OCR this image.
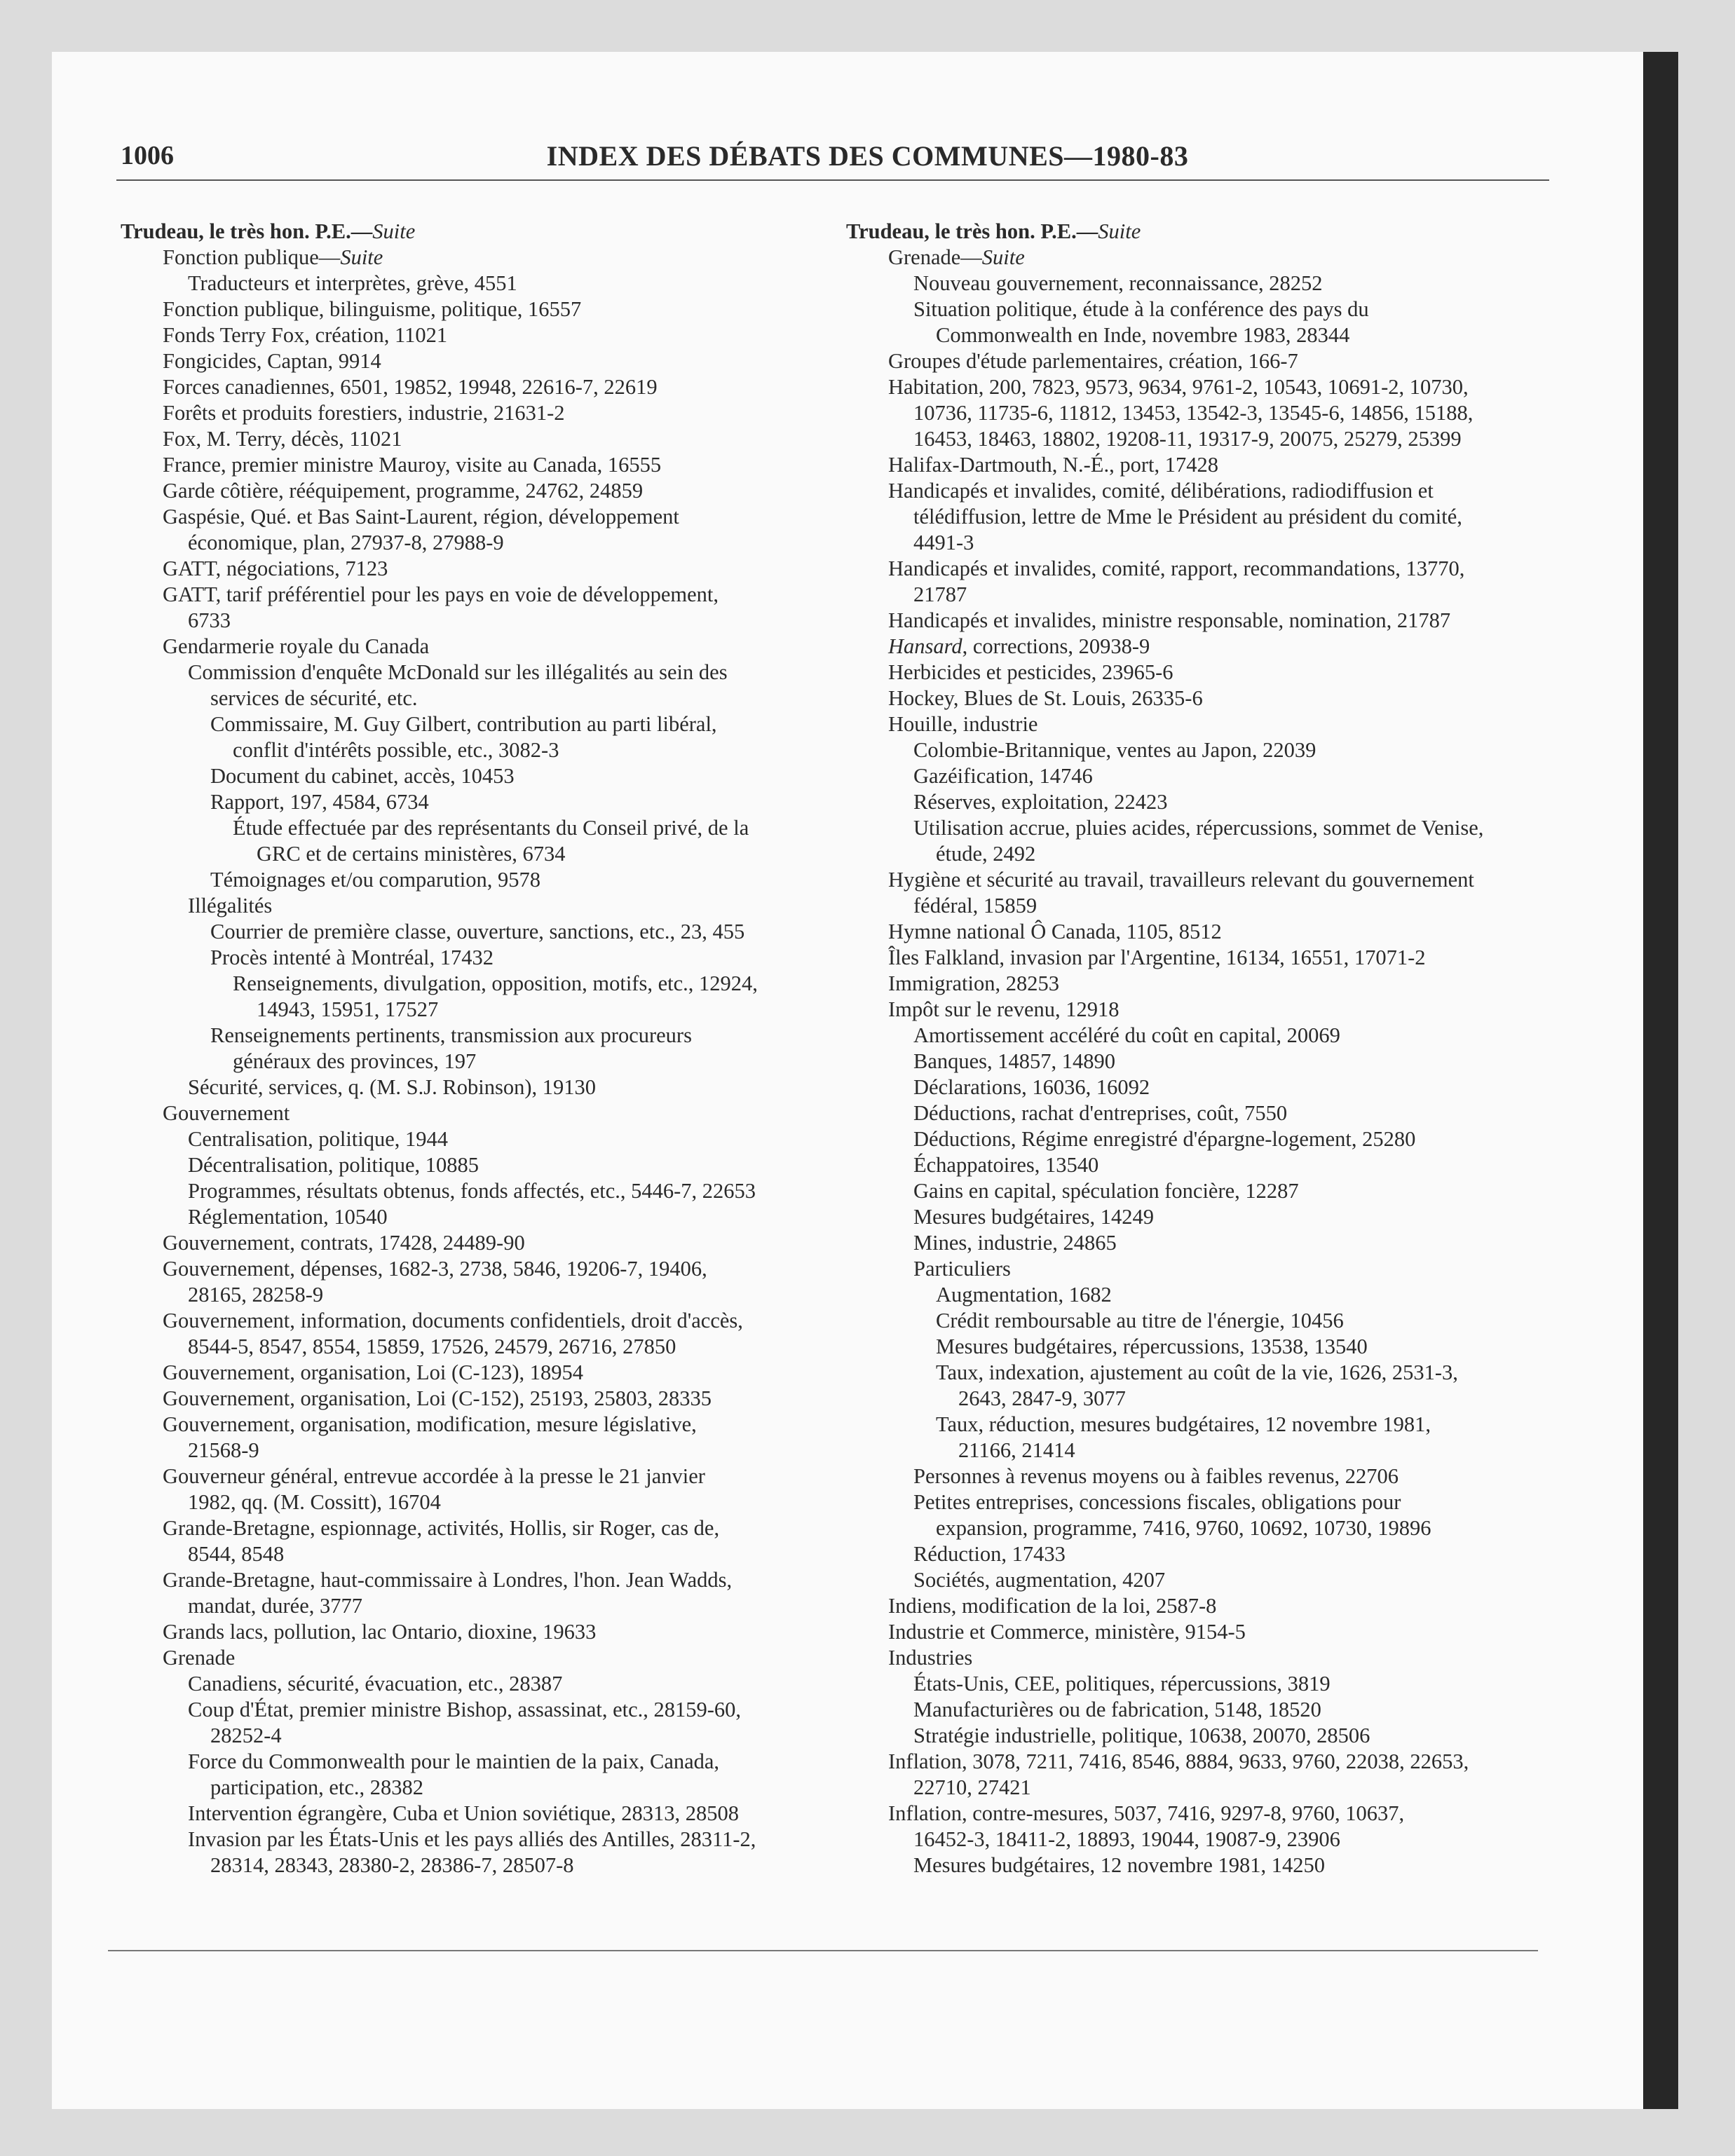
1006	INDEX DES DÉBATS DES COMMUNES—1980-83
Trudeau, le très hon. P.E.—Suite
Fonction publique—Suite
Traducteurs et interprètes, grève, 4551
Fonction publique, bilinguisme, politique, 16557
Fonds Terry Fox, création, 11021
Fongicides, Captan, 9914
Forces canadiennes, 6501, 19852, 19948, 22616-7, 22619
Forêts et produits forestiers, industrie, 21631-2
Fox, M. Terry, décès, 11021
France, premier ministre Mauroy, visite au Canada, 16555
Garde côtière, rééquipement, programme, 24762, 24859
Gaspésie, Qué. et Bas Saint-Laurent, région, développement
économique, plan, 27937-8, 27988-9
GATT, négociations, 7123
GATT, tarif préférentiel pour les pays en voie de développement,
6733
Gendarmerie royale du Canada
Commission d'enquête McDonald sur les illégalités au sein des
services de sécurité, etc.
Commissaire, M. Guy Gilbert, contribution au parti libéral,
conflit d'intérêts possible, etc., 3082-3
Document du cabinet, accès, 10453
Rapport, 197, 4584, 6734
Étude effectuée par des représentants du Conseil privé, de la
GRC et de certains ministères, 6734
Témoignages et/ou comparution, 9578
Illégalités
Courrier de première classe, ouverture, sanctions, etc., 23, 455
Procès intenté à Montréal, 17432
Renseignements, divulgation, opposition, motifs, etc., 12924,
14943, 15951, 17527
Renseignements pertinents, transmission aux procureurs
généraux des provinces, 197
Sécurité, services, q. (M. S.J. Robinson), 19130
Gouvernement
Centralisation, politique, 1944
Décentralisation, politique, 10885
Programmes, résultats obtenus, fonds affectés, etc., 5446-7, 22653
Réglementation, 10540
Gouvernement, contrats, 17428, 24489-90
Gouvernement, dépenses, 1682-3, 2738, 5846, 19206-7, 19406,
28165, 28258-9
Gouvernement, information, documents confidentiels, droit d'accès,
8544-5, 8547, 8554, 15859, 17526, 24579, 26716, 27850
Gouvernement, organisation, Loi (C-123), 18954
Gouvernement, organisation, Loi (C-152), 25193, 25803, 28335
Gouvernement, organisation, modification, mesure législative,
21568-9
Gouverneur général, entrevue accordée à la presse le 21 janvier
1982, qq. (M. Cossitt), 16704
Grande-Bretagne, espionnage, activités, Hollis, sir Roger, cas de,
8544, 8548
Grande-Bretagne, haut-commissaire à Londres, l'hon. Jean Wadds,
mandat, durée, 3777
Grands lacs, pollution, lac Ontario, dioxine, 19633
Grenade
Canadiens, sécurité, évacuation, etc., 28387
Coup d'État, premier ministre Bishop, assassinat, etc., 28159-60,
28252-4
Force du Commonwealth pour le maintien de la paix, Canada,
participation, etc., 28382
Intervention égrangère, Cuba et Union soviétique, 28313, 28508
Invasion par les États-Unis et les pays alliés des Antilles, 28311-2,
28314, 28343, 28380-2, 28386-7, 28507-8
Trudeau, le très hon. P.E.—Suite
Grenade—Suite
Nouveau gouvernement, reconnaissance, 28252
Situation politique, étude à la conférence des pays du
Commonwealth en Inde, novembre 1983, 28344
Groupes d'étude parlementaires, création, 166-7
Habitation, 200, 7823, 9573, 9634, 9761-2, 10543, 10691-2, 10730,
10736, 11735-6, 11812, 13453, 13542-3, 13545-6, 14856, 15188,
16453, 18463, 18802, 19208-11, 19317-9, 20075, 25279, 25399
Halifax-Dartmouth, N.-É., port, 17428
Handicapés et invalides, comité, délibérations, radiodiffusion et
télédiffusion, lettre de Mme le Président au président du comité,
4491-3
Handicapés et invalides, comité, rapport, recommandations, 13770,
21787
Handicapés et invalides, ministre responsable, nomination, 21787
Hansard, corrections, 20938-9
Herbicides et pesticides, 23965-6
Hockey, Blues de St. Louis, 26335-6
Houille, industrie
Colombie-Britannique, ventes au Japon, 22039
Gazéification, 14746
Réserves, exploitation, 22423
Utilisation accrue, pluies acides, répercussions, sommet de Venise,
étude, 2492
Hygiène et sécurité au travail, travailleurs relevant du gouvernement
fédéral, 15859
Hymne national Ô Canada, 1105, 8512
Îles Falkland, invasion par l'Argentine, 16134, 16551, 17071-2
Immigration, 28253
Impôt sur le revenu, 12918
Amortissement accéléré du coût en capital, 20069
Banques, 14857, 14890
Déclarations, 16036, 16092
Déductions, rachat d'entreprises, coût, 7550
Déductions, Régime enregistré d'épargne-logement, 25280
Échappatoires, 13540
Gains en capital, spéculation foncière, 12287
Mesures budgétaires, 14249
Mines, industrie, 24865
Particuliers
Augmentation, 1682
Crédit remboursable au titre de l'énergie, 10456
Mesures budgétaires, répercussions, 13538, 13540
Taux, indexation, ajustement au coût de la vie, 1626, 2531-3,
2643, 2847-9, 3077
Taux, réduction, mesures budgétaires, 12 novembre 1981,
21166, 21414
Personnes à revenus moyens ou à faibles revenus, 22706
Petites entreprises, concessions fiscales, obligations pour
expansion, programme, 7416, 9760, 10692, 10730, 19896
Réduction, 17433
Sociétés, augmentation, 4207
Indiens, modification de la loi, 2587-8
Industrie et Commerce, ministère, 9154-5
Industries
États-Unis, CEE, politiques, répercussions, 3819
Manufacturières ou de fabrication, 5148, 18520
Stratégie industrielle, politique, 10638, 20070, 28506
Inflation, 3078, 7211, 7416, 8546, 8884, 9633, 9760, 22038, 22653,
22710, 27421
Inflation, contre-mesures, 5037, 7416, 9297-8, 9760, 10637,
16452-3, 18411-2, 18893, 19044, 19087-9, 23906
Mesures budgétaires, 12 novembre 1981, 14250
